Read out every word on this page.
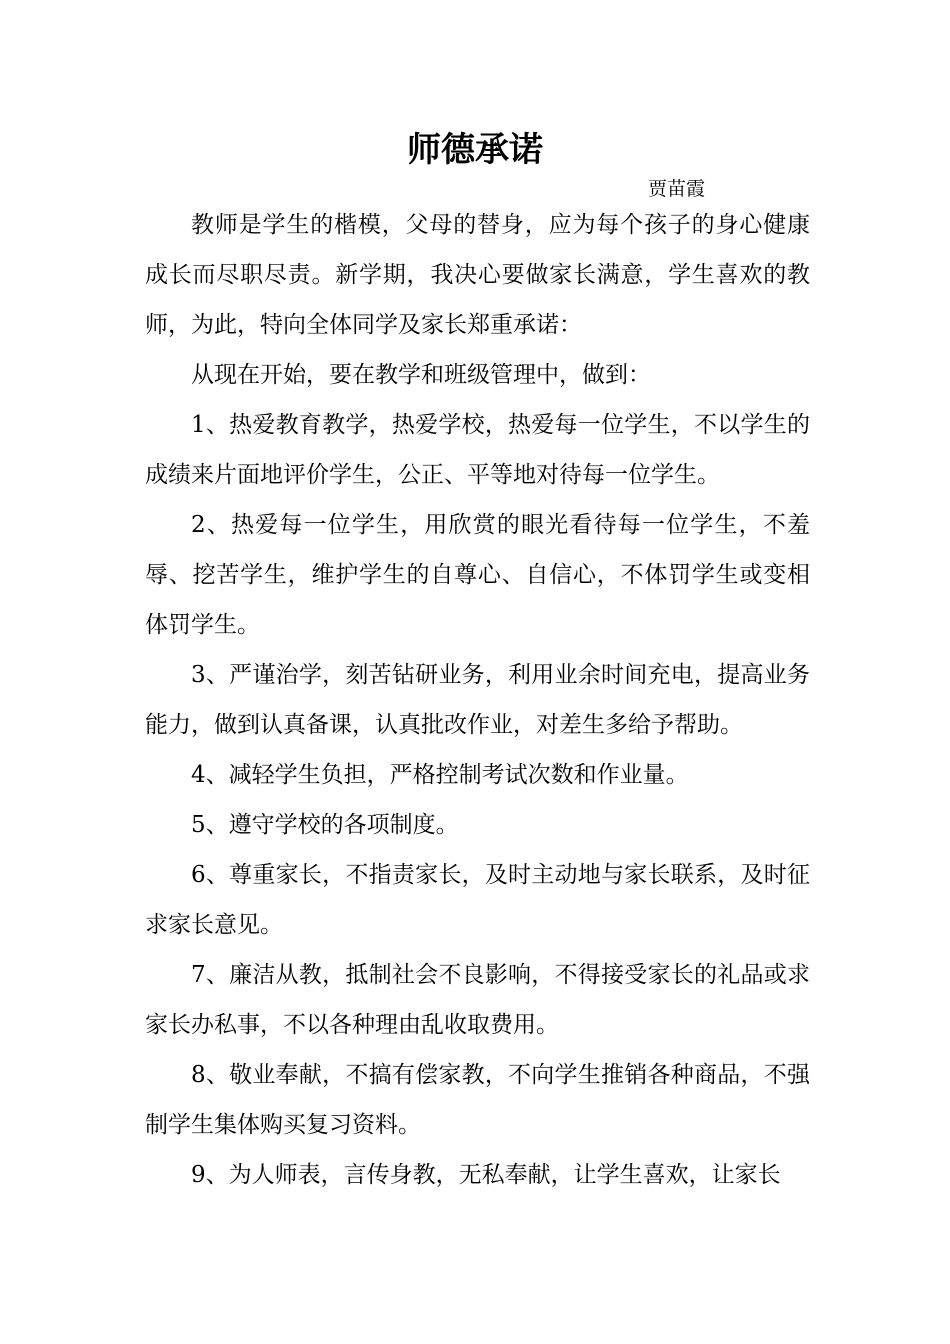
师德承诺
贾苗霞

教师是学生的楷模，父母的替身，应为每个孩子的身心健康成长而尽职尽责。新学期，我决心要做家长满意，学生喜欢的教师，为此，特向全体同学及家长郑重承诺：

从现在开始，要在教学和班级管理中，做到：

1、热爱教育教学，热爱学校，热爱每一位学生，不以学生的成绩来片面地评价学生，公正、平等地对待每一位学生。

2、热爱每一位学生，用欣赏的眼光看待每一位学生，不羞辱、挖苦学生，维护学生的自尊心、自信心，不体罚学生或变相体罚学生。

3、严谨治学，刻苦钻研业务，利用业余时间充电，提高业务能力，做到认真备课，认真批改作业，对差生多给予帮助。

4、减轻学生负担，严格控制考试次数和作业量。

5、遵守学校的各项制度。

6、尊重家长，不指责家长，及时主动地与家长联系，及时征求家长意见。

7、廉洁从教，抵制社会不良影响，不得接受家长的礼品或求家长办私事，不以各种理由乱收取费用。

8、敬业奉献，不搞有偿家教，不向学生推销各种商品，不强制学生集体购买复习资料。

9、为人师表，言传身教，无私奉献，让学生喜欢，让家长
